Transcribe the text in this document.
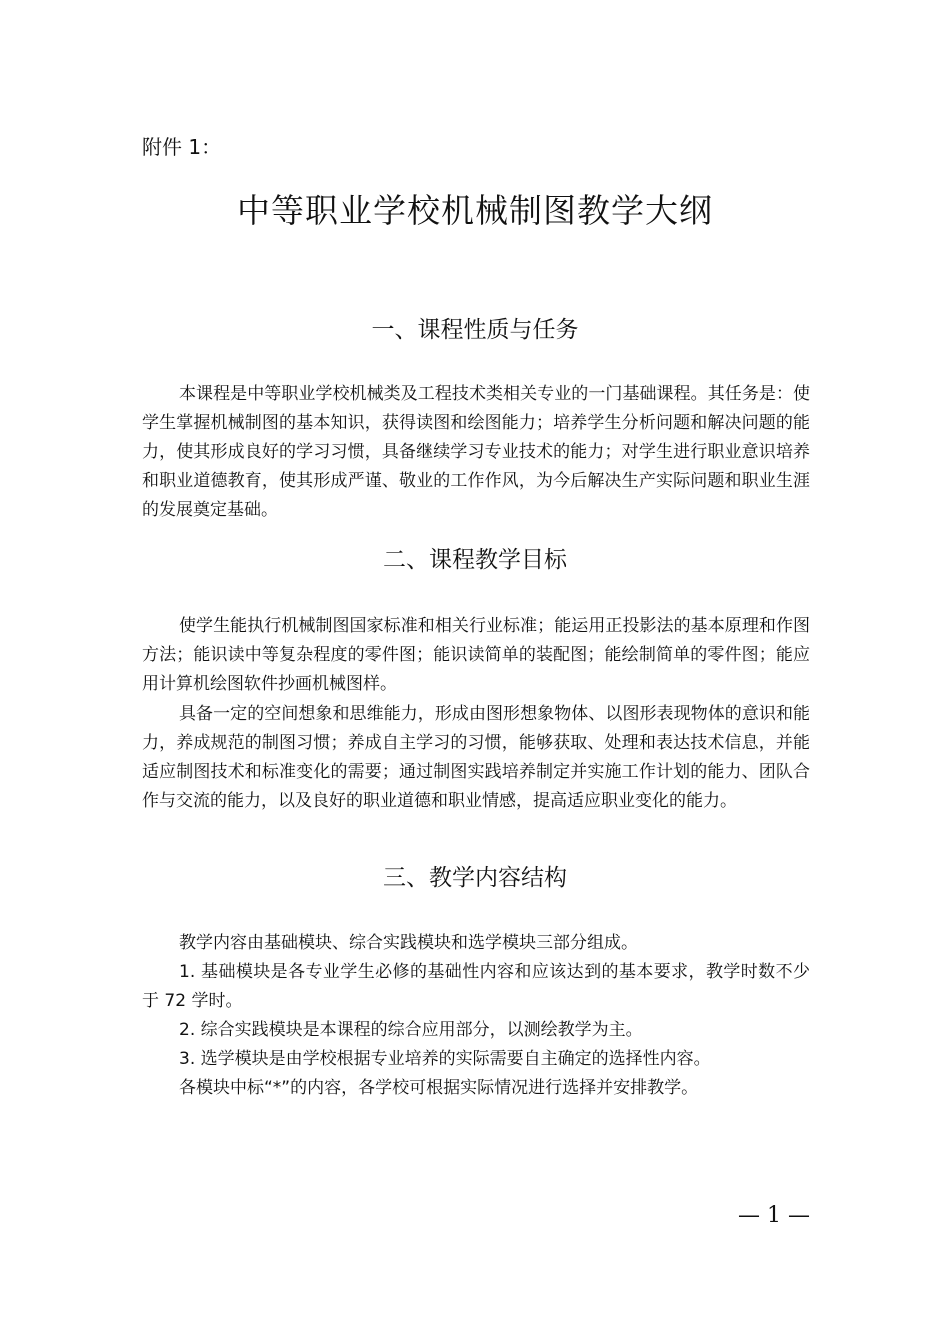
附件 1：
中等职业学校机械制图教学大纲
一、课程性质与任务
本课程是中等职业学校机械类及工程技术类相关专业的一门基础课程。其任务是：使学生掌握机械制图的基本知识，获得读图和绘图能力；培养学生分析问题和解决问题的能力，使其形成良好的学习习惯，具备继续学习专业技术的能力；对学生进行职业意识培养和职业道德教育，使其形成严谨、敬业的工作作风，为今后解决生产实际问题和职业生涯的发展奠定基础。
二、课程教学目标
使学生能执行机械制图国家标准和相关行业标准；能运用正投影法的基本原理和作图方法；能识读中等复杂程度的零件图；能识读简单的装配图；能绘制简单的零件图；能应用计算机绘图软件抄画机械图样。
具备一定的空间想象和思维能力，形成由图形想象物体、以图形表现物体的意识和能力，养成规范的制图习惯；养成自主学习的习惯，能够获取、处理和表达技术信息，并能适应制图技术和标准变化的需要；通过制图实践培养制定并实施工作计划的能力、团队合作与交流的能力，以及良好的职业道德和职业情感，提高适应职业变化的能力。
三、教学内容结构
教学内容由基础模块、综合实践模块和选学模块三部分组成。
1. 基础模块是各专业学生必修的基础性内容和应该达到的基本要求，教学时数不少于 72 学时。
2. 综合实践模块是本课程的综合应用部分，以测绘教学为主。
3. 选学模块是由学校根据专业培养的实际需要自主确定的选择性内容。
各模块中标“*”的内容，各学校可根据实际情况进行选择并安排教学。
— 1 —
